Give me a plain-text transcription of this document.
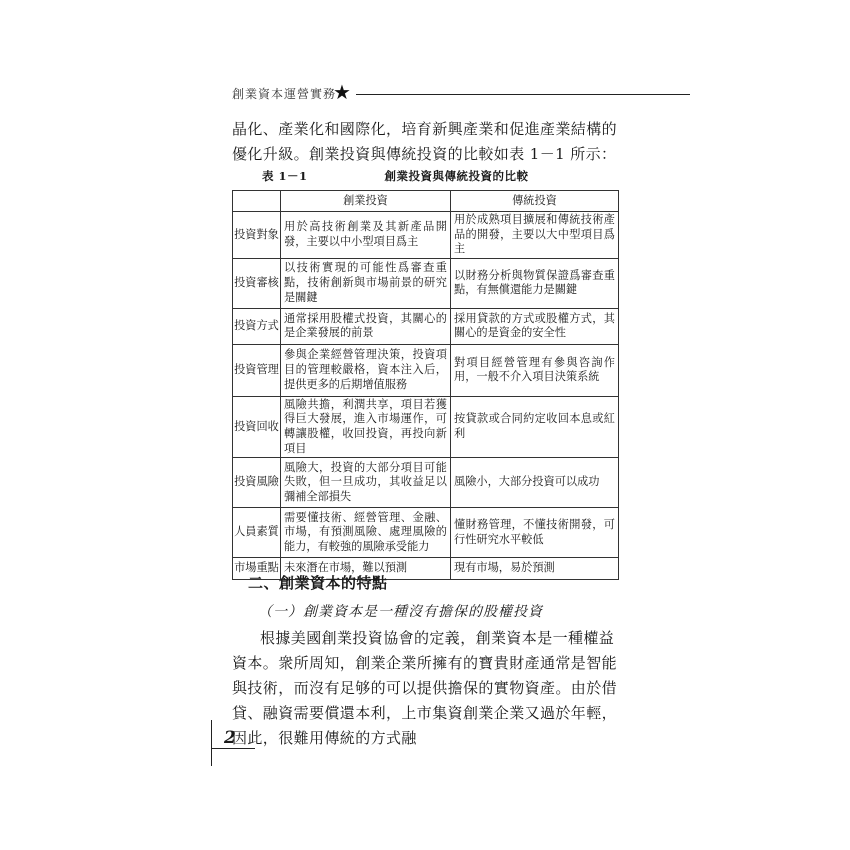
創業資本運營實務
★

晶化、產業化和國際化，培育新興產業和促進產業結構的優化升級。創業投資與傳統投資的比較如表 1－1 所示：

表 1－1	創業投資與傳統投資的比較
	創業投資	傳統投資
投資對象	用於高技術創業及其新產品開發，主要以中小型項目爲主	用於成熟項目擴展和傳統技術產品的開發，主要以大中型項目爲主
投資審核	以技術實現的可能性爲審查重點，技術創新與市場前景的研究是關鍵	以財務分析與物質保證爲審查重點，有無償還能力是關鍵
投資方式	通常採用股權式投資，其關心的是企業發展的前景	採用貸款的方式或股權方式，其關心的是資金的安全性
投資管理	參與企業經營管理決策，投資項目的管理較嚴格，資本注入后，提供更多的后期增值服務	對項目經營管理有參與咨詢作用，一般不介入項目決策系統
投資回收	風險共擔，利潤共享，項目若獲得巨大發展，進入市場運作，可轉讓股權，收回投資，再投向新項目	按貸款或合同約定收回本息或紅利
投資風險	風險大，投資的大部分項目可能失敗，但一旦成功，其收益足以彌補全部損失	風險小，大部分投資可以成功
人員素質	需要懂技術、經營管理、金融、市場，有預測風險、處理風險的能力，有較強的風險承受能力	懂財務管理，不懂技術開發，可行性研究水平較低
市場重點	未來潛在市場，難以預測	現有市場，易於預測
二、創業資本的特點
（一）創業資本是一種沒有擔保的股權投資

根據美國創業投資協會的定義，創業資本是一種權益資本。衆所周知，創業企業所擁有的寶貴財產通常是智能與技術，而沒有足够的可以提供擔保的實物資產。由於借貸、融資需要償還本利，上市集資創業企業又過於年輕，因此，很難用傳統的方式融

2
